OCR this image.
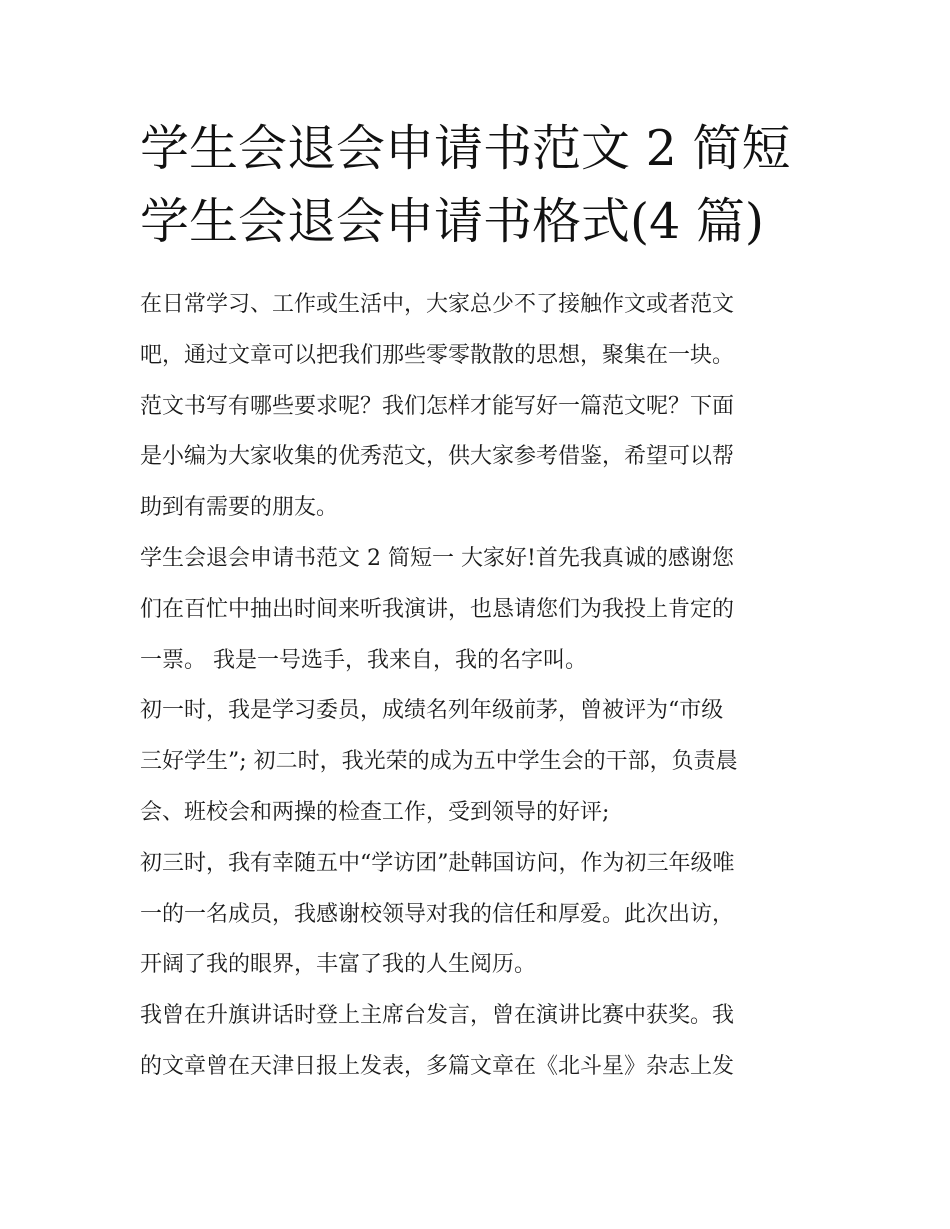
学生会退会申请书范文 2 简短
学生会退会申请书格式(4 篇)
在日常学习、工作或生活中，大家总少不了接触作文或者范文
吧，通过文章可以把我们那些零零散散的思想，聚集在一块。
范文书写有哪些要求呢？我们怎样才能写好一篇范文呢？下面
是小编为大家收集的优秀范文，供大家参考借鉴，希望可以帮
助到有需要的朋友。
学生会退会申请书范文 2 简短一 大家好!首先我真诚的感谢您
们在百忙中抽出时间来听我演讲，也恳请您们为我投上肯定的
一票。 我是一号选手，我来自，我的名字叫。
初一时，我是学习委员，成绩名列年级前茅，曾被评为“市级
三好学生”; 初二时，我光荣的成为五中学生会的干部，负责晨
会、班校会和两操的检查工作，受到领导的好评;
初三时，我有幸随五中“学访团”赴韩国访问，作为初三年级唯
一的一名成员，我感谢校领导对我的信任和厚爱。此次出访，
开阔了我的眼界，丰富了我的人生阅历。
我曾在升旗讲话时登上主席台发言，曾在演讲比赛中获奖。我
的文章曾在天津日报上发表，多篇文章在《北斗星》杂志上发
